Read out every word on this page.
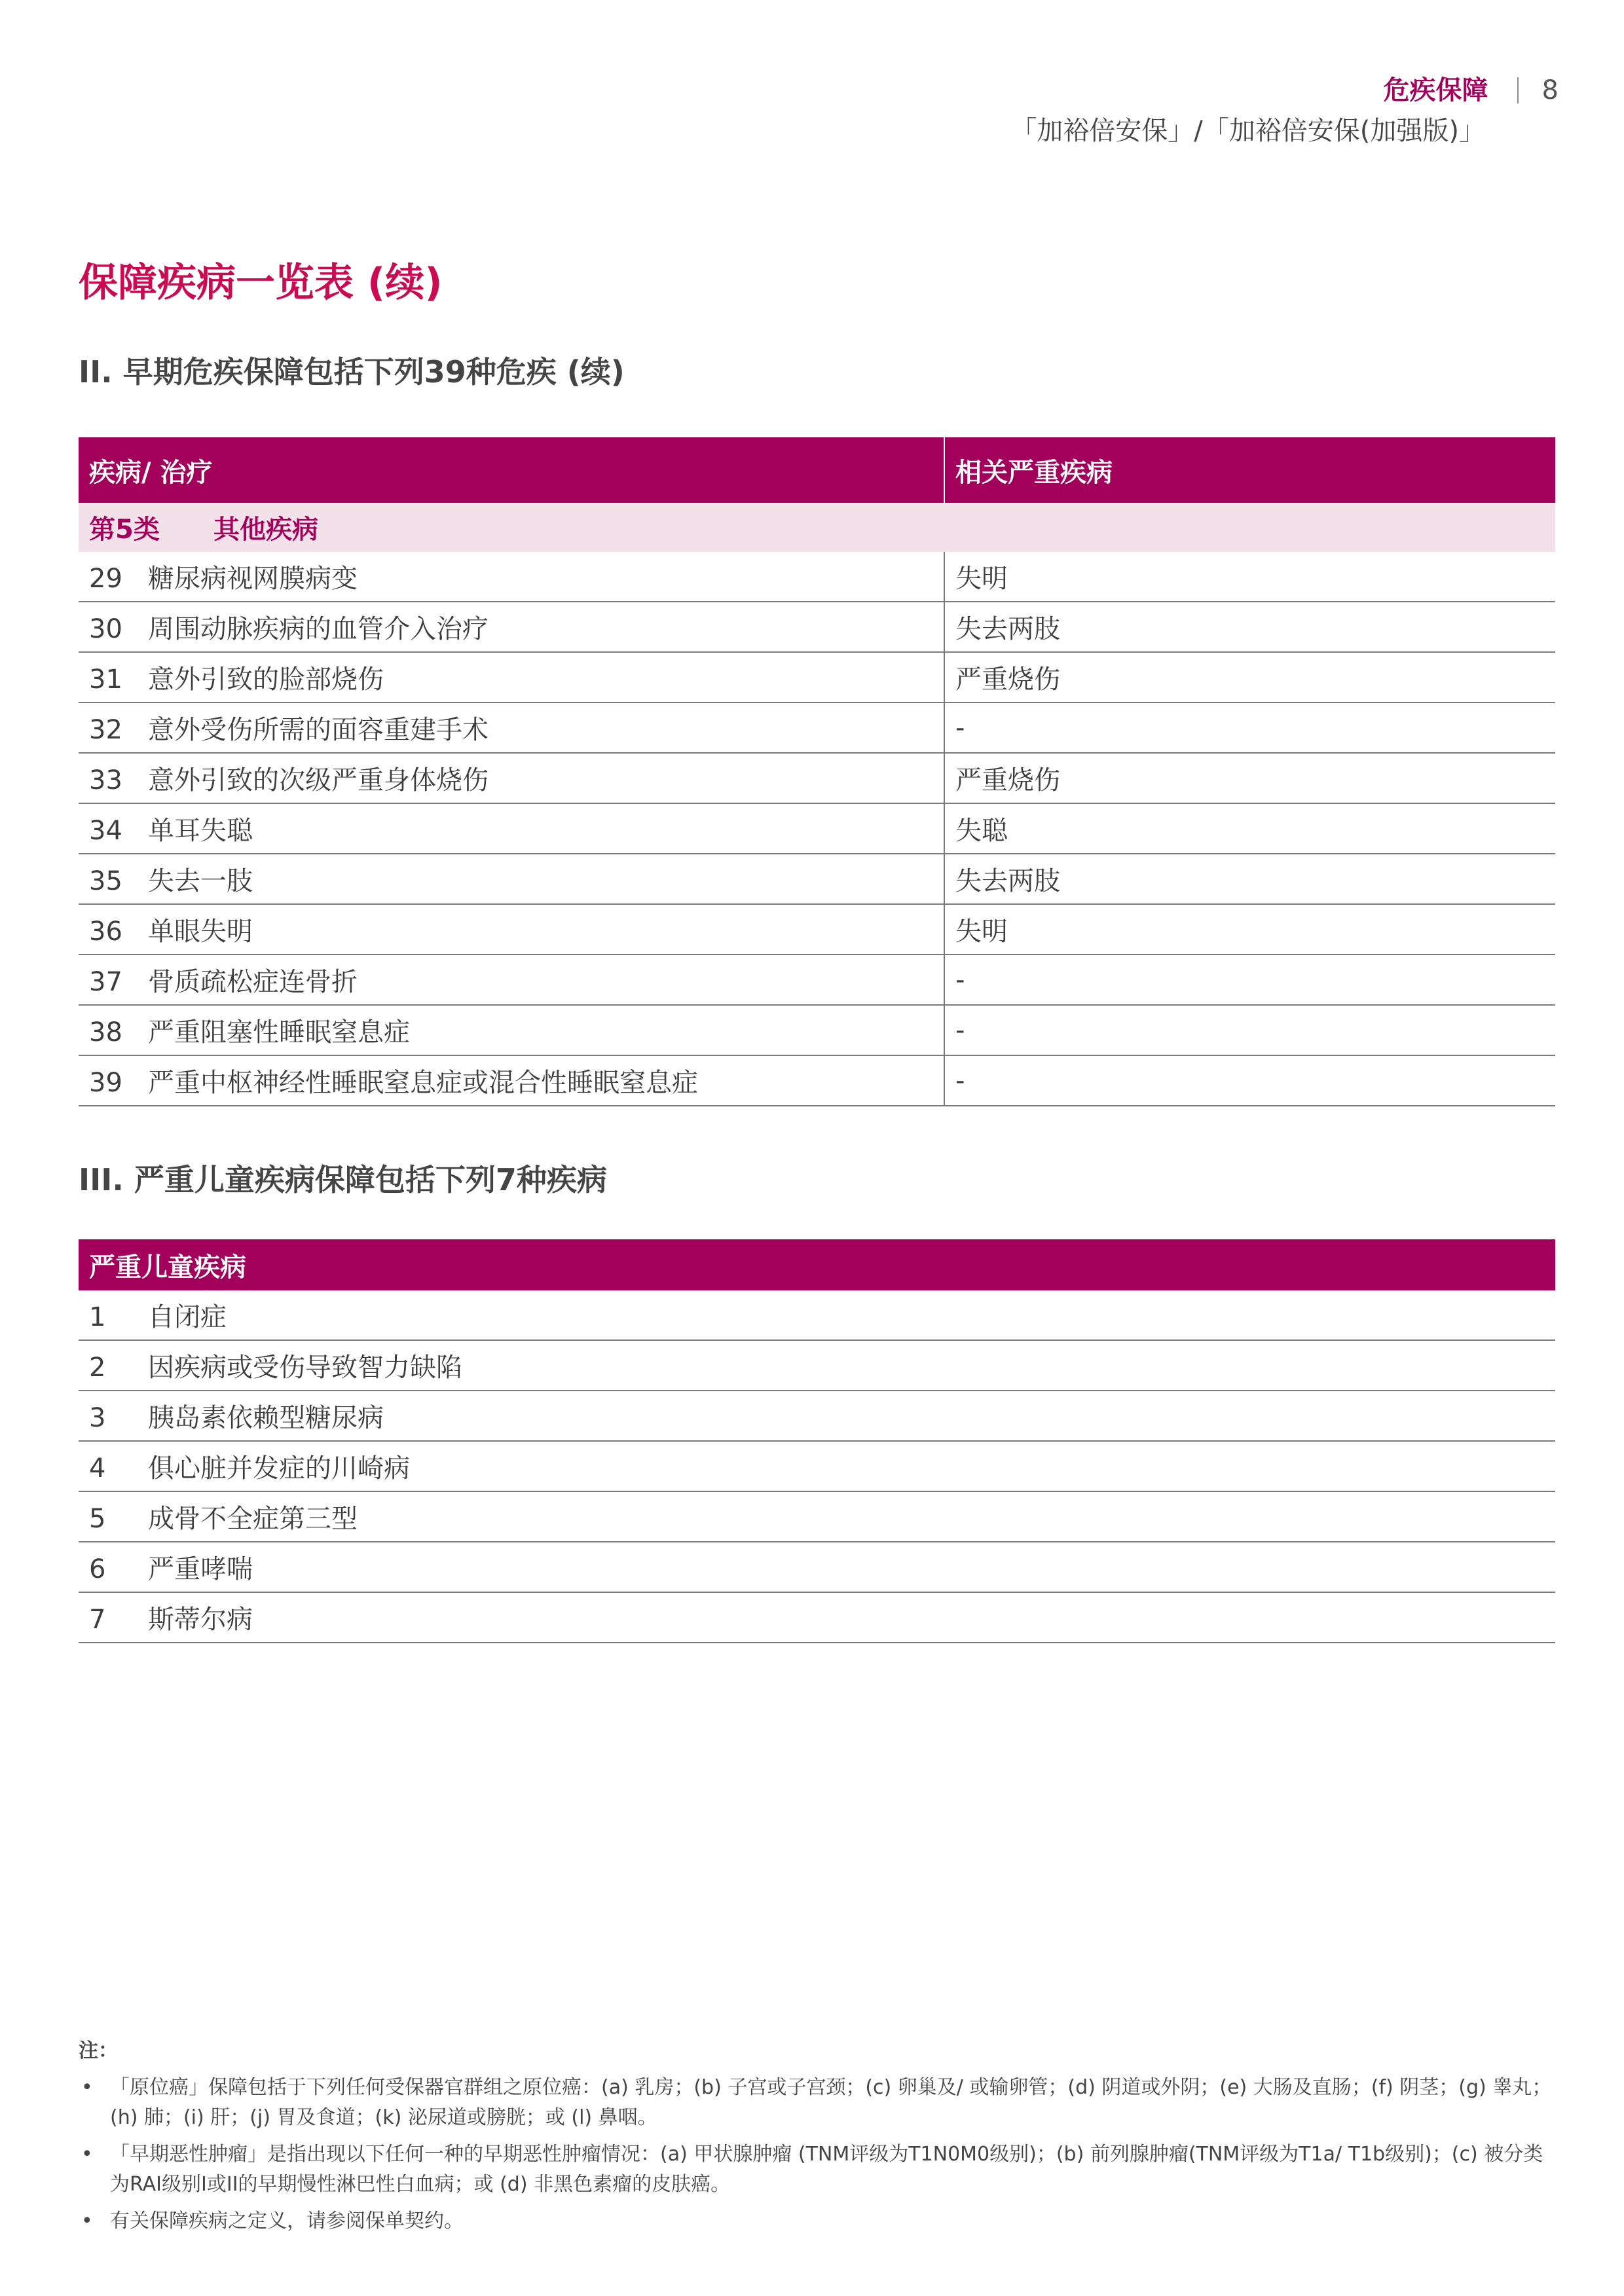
危疾保障 8
「加裕倍安保」/「加裕倍安保(加强版)」
保障疾病一览表 (续)
II. 早期危疾保障包括下列39种危疾 (续)
疾病/ 治疗	相关严重疾病
第5类 其他疾病	
29 糖尿病视网膜病变	失明
30 周围动脉疾病的血管介入治疗	失去两肢
31 意外引致的脸部烧伤	严重烧伤
32 意外受伤所需的面容重建手术	-
33 意外引致的次级严重身体烧伤	严重烧伤
34 单耳失聪	失聪
35 失去一肢	失去两肢
36 单眼失明	失明
37 骨质疏松症连骨折	-
38 严重阻塞性睡眠窒息症	-
39 严重中枢神经性睡眠窒息症或混合性睡眠窒息症	-
III. 严重儿童疾病保障包括下列7种疾病
严重儿童疾病
1 自闭症
2 因疾病或受伤导致智力缺陷
3 胰岛素依赖型糖尿病
4 俱心脏并发症的川崎病
5 成骨不全症第三型
6 严重哮喘
7 斯蒂尔病
注：
• 「原位癌」保障包括于下列任何受保器官群组之原位癌：(a) 乳房；(b) 子宫或子宫颈；(c) 卵巢及/ 或输卵管；(d) 阴道或外阴；(e) 大肠及直肠；(f) 阴茎；(g) 睾丸；(h) 肺；(i) 肝；(j) 胃及食道；(k) 泌尿道或膀胱；或 (l) 鼻咽。
• 「早期恶性肿瘤」是指出现以下任何一种的早期恶性肿瘤情况：(a) 甲状腺肿瘤 (TNM评级为T1N0M0级别)；(b) 前列腺肿瘤(TNM评级为T1a/ T1b级别)；(c) 被分类为RAI级别I或II的早期慢性淋巴性白血病；或 (d) 非黑色素瘤的皮肤癌。
• 有关保障疾病之定义，请参阅保单契约。
